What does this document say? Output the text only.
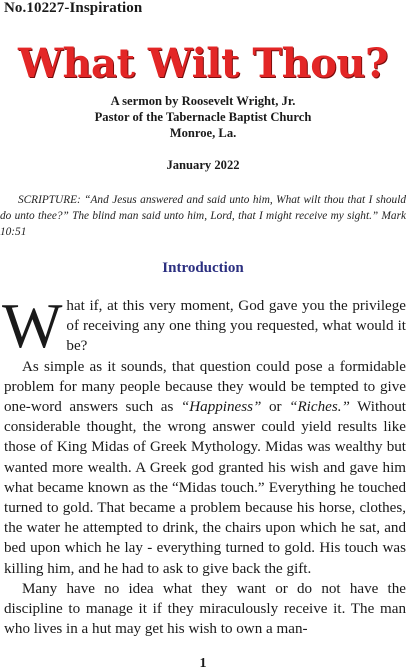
No.10227-Inspiration
What Wilt Thou?
A sermon by Roosevelt Wright, Jr.
Pastor of the Tabernacle Baptist Church
Monroe, La.
January 2022

SCRIPTURE: “And Jesus answered and said unto him, What wilt thou that I should do unto thee?” The blind man said unto him, Lord, that I might receive my sight.” Mark 10:51

Introduction

What if, at this very moment, God gave you the privilege of receiving any one thing you requested, what would it be?

As simple as it sounds, that question could pose a formidable problem for many people because they would be tempted to give one-word answers such as “Happiness” or “Riches.” Without considerable thought, the wrong answer could yield results like those of King Midas of Greek Mythology. Midas was wealthy but wanted more wealth. A Greek god granted his wish and gave him what became known as the “Midas touch.” Everything he touched turned to gold. That became a problem because his horse, clothes, the water he attempted to drink, the chairs upon which he sat, and bed upon which he lay - everything turned to gold. His touch was killing him, and he had to ask to give back the gift.

Many have no idea what they want or do not have the discipline to manage it if they miraculously receive it. The man who lives in a hut may get his wish to own a man-

1
